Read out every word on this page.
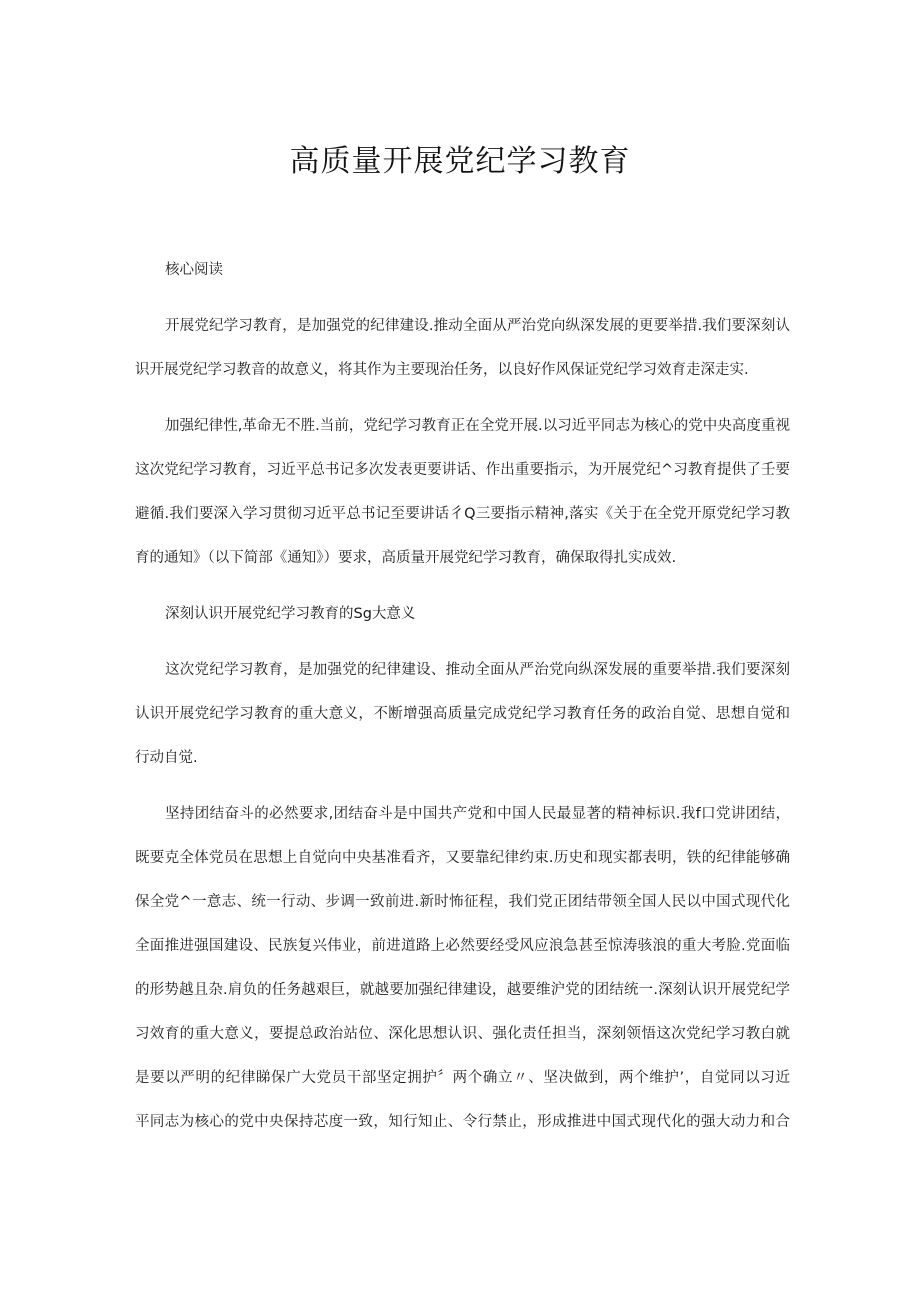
高质量开展党纪学习教育
核心阅读
开展党纪学习教育，是加强党的纪律建设.推动全面从严治党向纵深发展的更要举措.我们要深刻认
识开展党纪学习教音的故意义，将其作为主要现治任务，以良好作风保证党纪学习效育走深走实.
加强纪律性,革命无不胜.当前，党纪学习教育正在全党开展.以习近平同志为核心的党中央高度重视
这次党纪学习教育，习近平总书记多次发表更要讲话、作出重要指示，为开展党纪^习教育提供了壬要
避循.我们要深入学习贯彻习近平总书记至要讲话彳Q三要指示精神,落实《关于在全党开原党纪学习教
育的通知》（以下简部《通知》）要求，高质量开展党纪学习教育，确保取得扎实成效.
深刻认识开展党纪学习教育的Sg大意义
这次党纪学习教育，是加强党的纪律建设、推动全面从严治党向纵深发展的重要举措.我们要深刻
认识开展党纪学习教育的重大意义，不断增强高质量完成党纪学习教育任务的政治自觉、思想自觉和
行动自觉.
坚持团结奋斗的必然要求,团结奋斗是中国共产党和中国人民最显著的精神标识.我f口党讲团结，
既要克全体党员在思想上自觉向中央基准看齐，又要靠纪律约束.历史和现实都表明，铁的纪律能够确
保全党^一意志、统一行动、步调一致前进.新时怖征程，我们党正团结带领全国人民以中国式现代化
全面推进强国建设、民族复兴伟业，前进道路上必然要经受风应浪急甚至惊涛骇浪的重大考脸.党面临
的形势越且杂.肩负的任务越艰巨，就越要加强纪律建设，越要维沪党的团结统一.深刻认识开展党纪学
习效育的重大意义，要提总政治站位、深化思想认识、强化责任担当，深刻领悟这次党纪学习教白就
是要以严明的纪律睇保广大党员干部坚定拥护〞两个确立〃、坚决做到，两个维护’，自觉同以习近
平同志为核心的党中央保持芯度一致，知行知止、令行禁止，形成推进中国式现代化的强大动力和合
